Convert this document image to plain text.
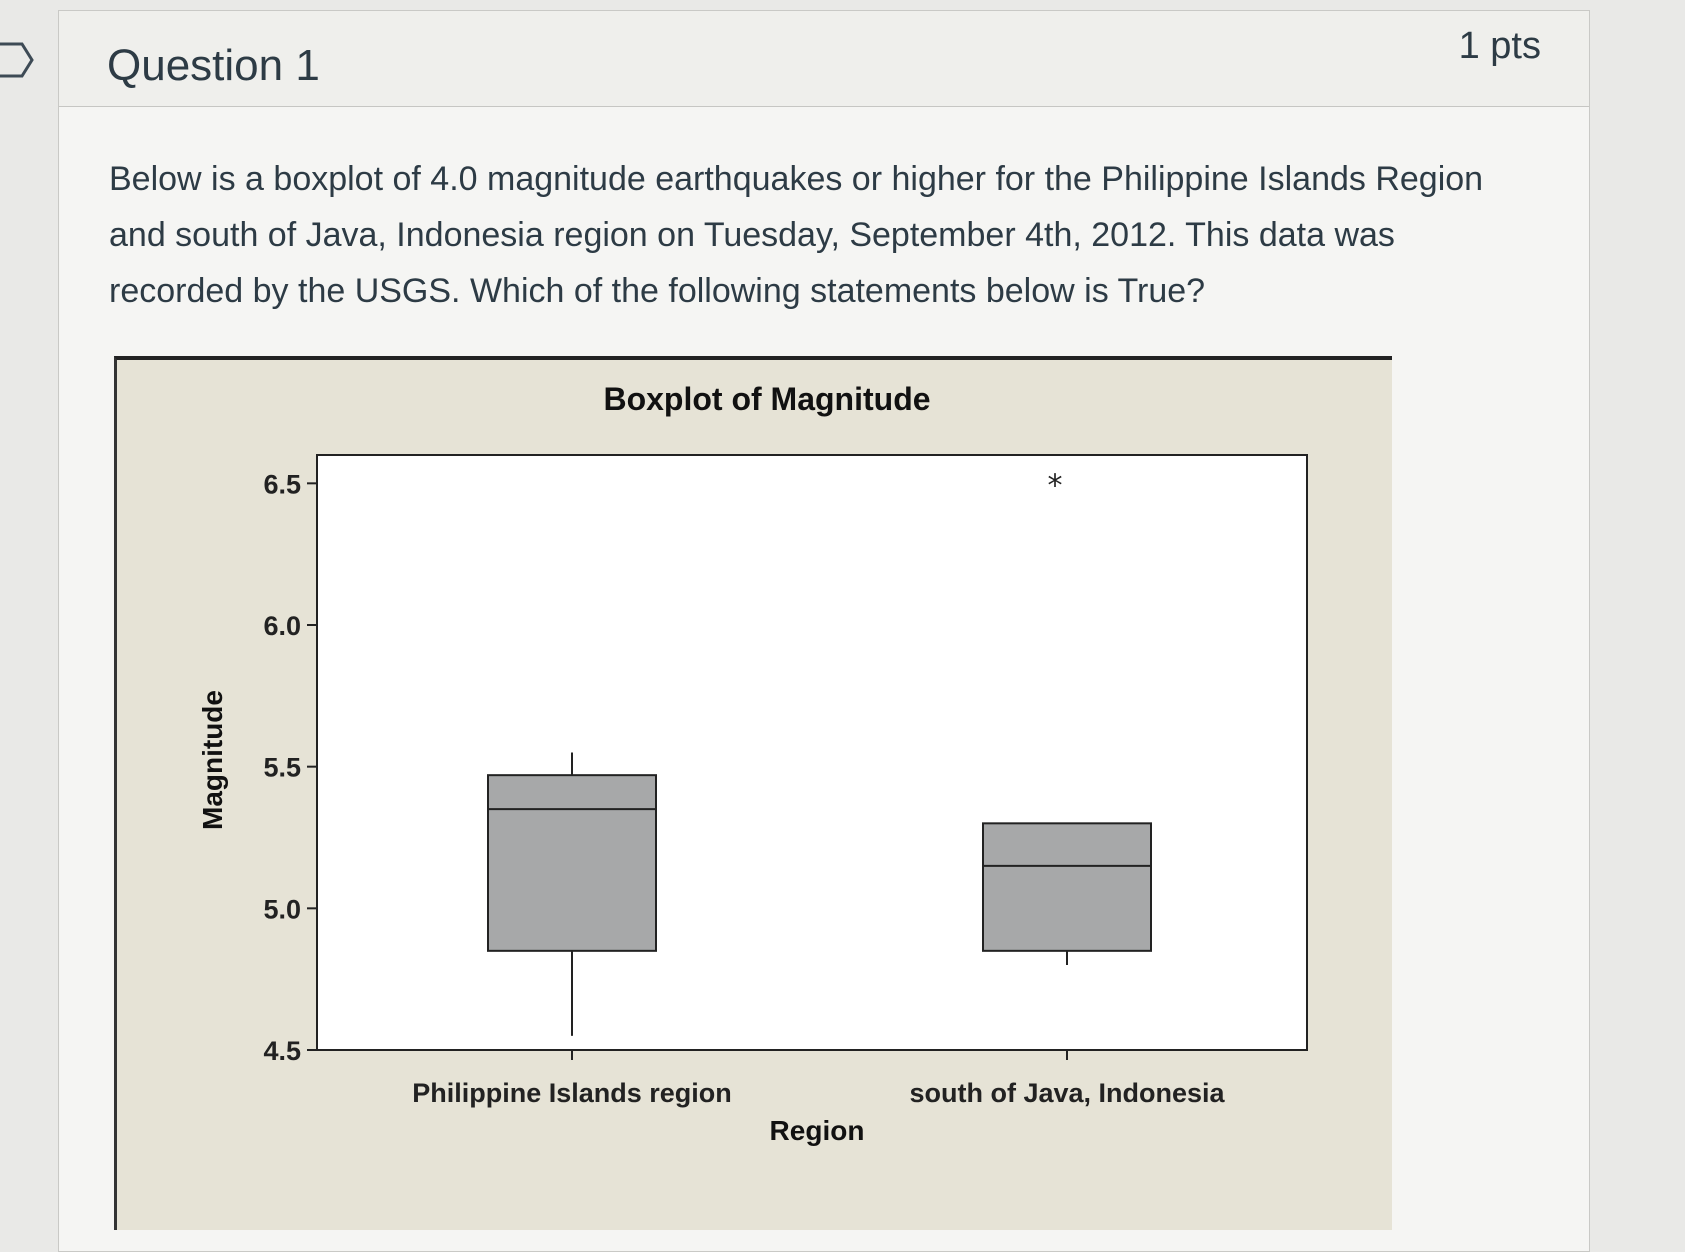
Question 1	1 pts
Below is a boxplot of 4.0 magnitude earthquakes or higher for the Philippine Islands Region and south of Java, Indonesia region on Tuesday, September 4th, 2012. This data was recorded by the USGS. Which of the following statements below is True?
Boxplot of Magnitude
Magnitude
Region
4.5
5.0
5.5
6.0
6.5
Philippine Islands region
*
south of Java, Indonesia
